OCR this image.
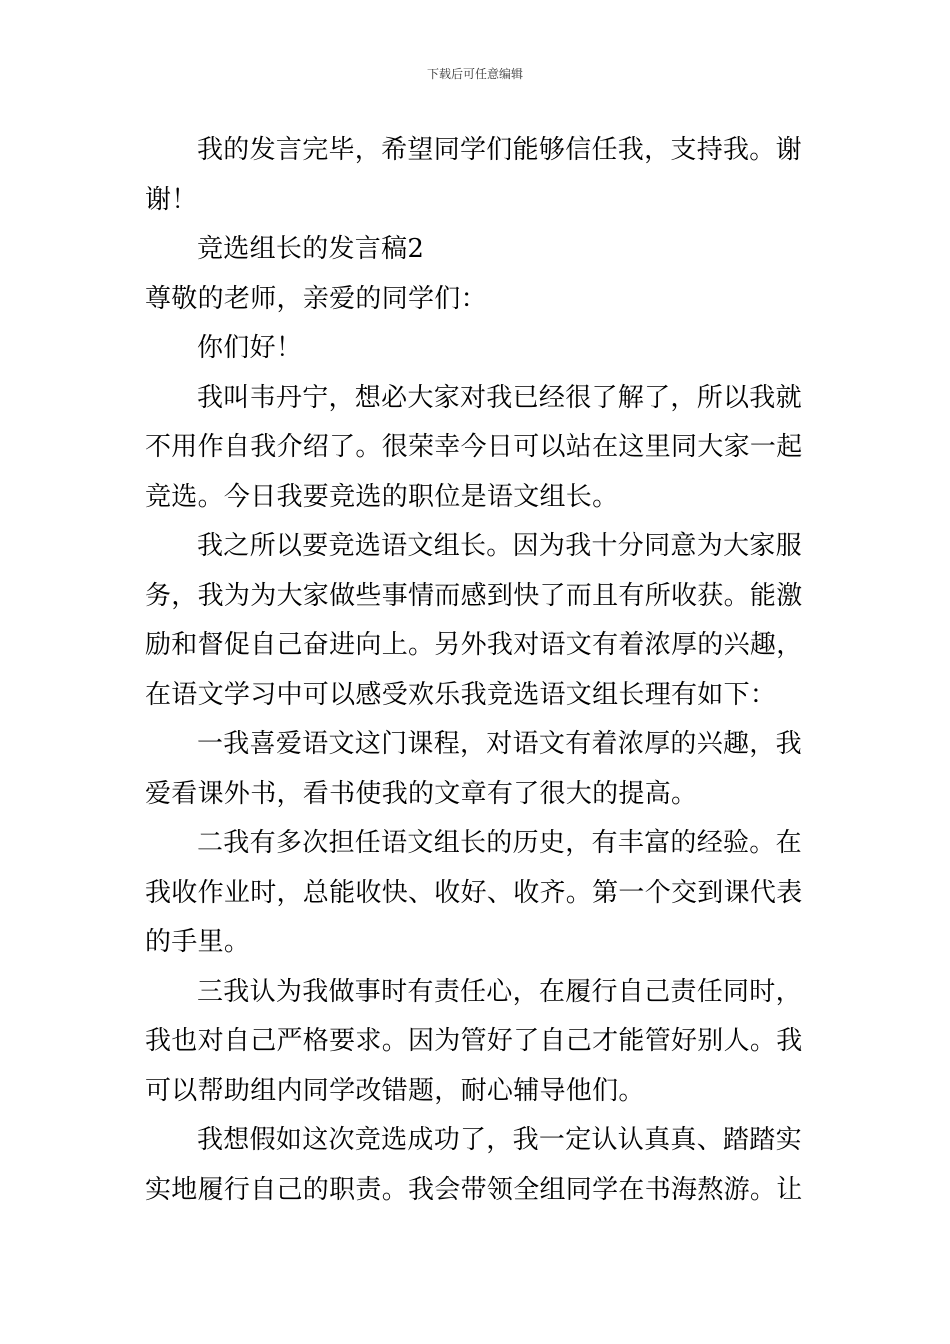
下载后可任意编辑
我的发言完毕，希望同学们能够信任我，支持我。谢
谢！
竞选组长的发言稿2
尊敬的老师，亲爱的同学们：
你们好！
我叫韦丹宁，想必大家对我已经很了解了，所以我就
不用作自我介绍了。很荣幸今日可以站在这里同大家一起
竞选。今日我要竞选的职位是语文组长。
我之所以要竞选语文组长。因为我十分同意为大家服
务，我为为大家做些事情而感到快了而且有所收获。能激
励和督促自己奋进向上。另外我对语文有着浓厚的兴趣，
在语文学习中可以感受欢乐我竞选语文组长理有如下：
一我喜爱语文这门课程，对语文有着浓厚的兴趣，我
爱看课外书，看书使我的文章有了很大的提高。
二我有多次担任语文组长的历史，有丰富的经验。在
我收作业时，总能收快、收好、收齐。第一个交到课代表
的手里。
三我认为我做事时有责任心，在履行自己责任同时，
我也对自己严格要求。因为管好了自己才能管好别人。我
可以帮助组内同学改错题，耐心辅导他们。
我想假如这次竞选成功了，我一定认认真真、踏踏实
实地履行自己的职责。我会带领全组同学在书海熬游。让
